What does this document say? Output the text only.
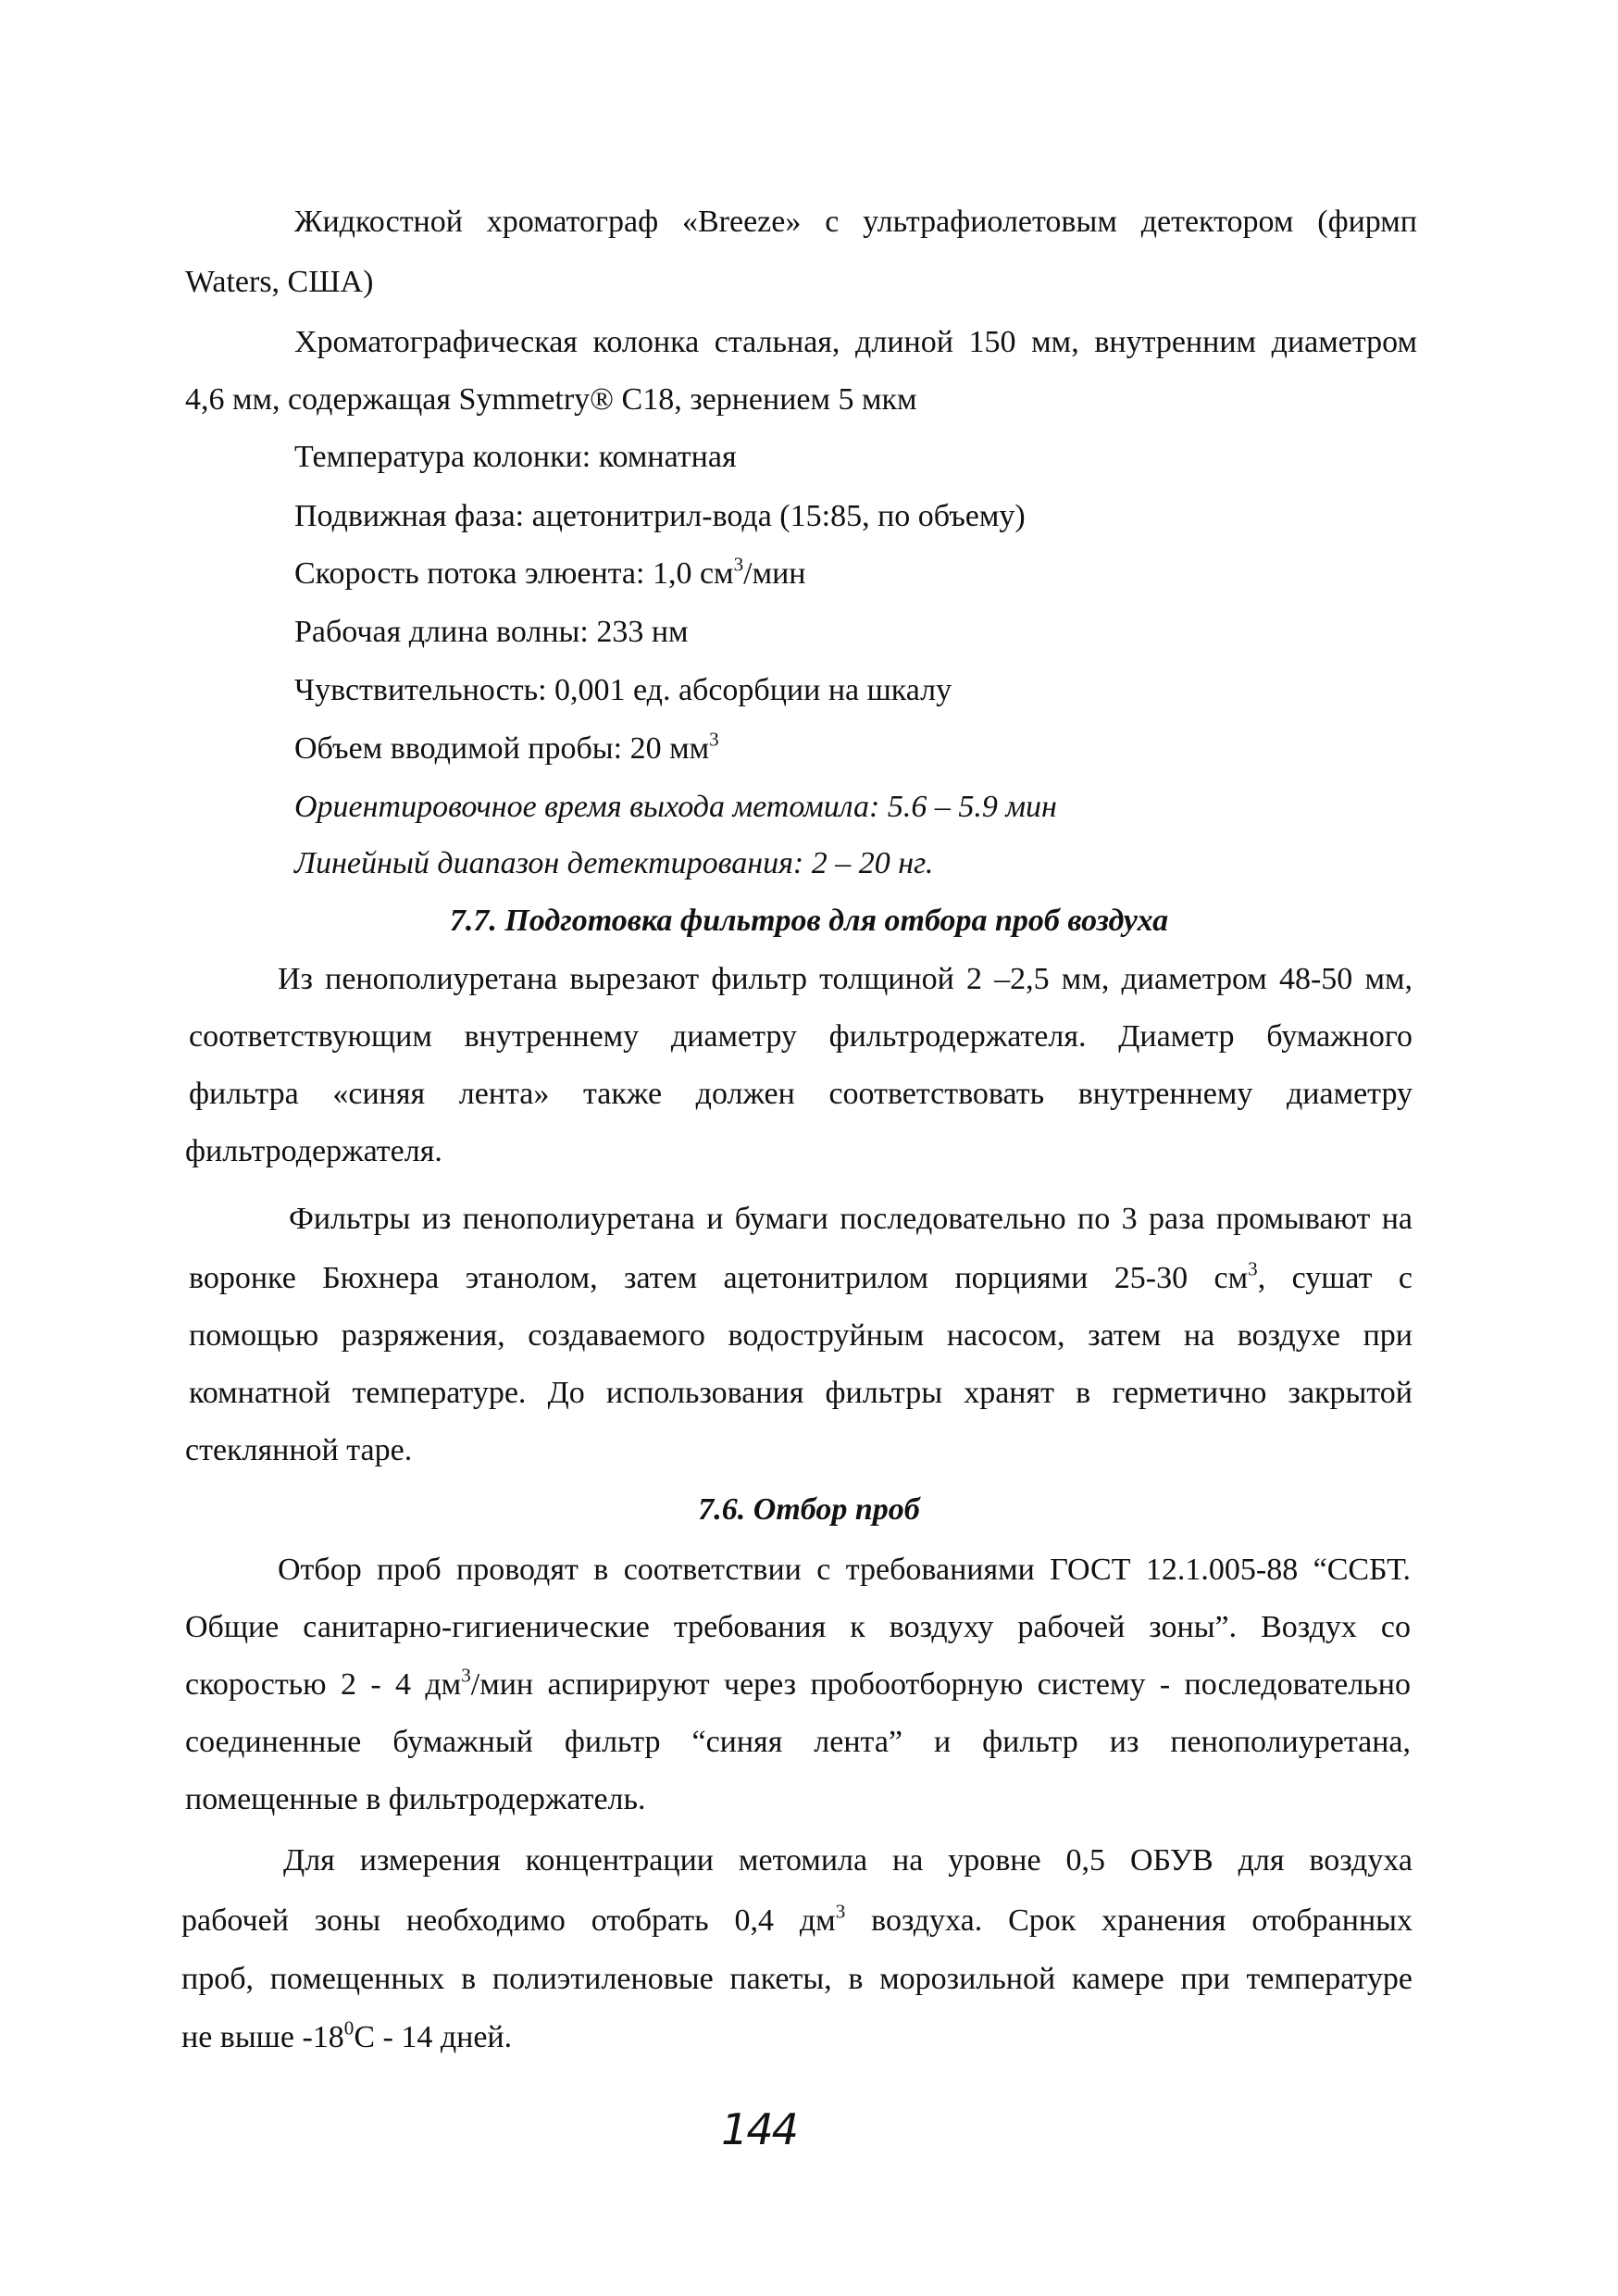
Жидкостной хроматограф «Breeze» с ультрафиолетовым детектором (фирмп
Waters, США)
Хроматографическая колонка стальная, длиной 150 мм, внутренним диаметром
4,6 мм, содержащая Symmetry® C18, зернением 5 мкм
Температура колонки: комнатная
Подвижная фаза: ацетонитрил-вода (15:85, по объему)
Скорость потока элюента: 1,0 $см^3$/мин
Рабочая длина волны: 233 нм
Чувствительность: 0,001 ед. абсорбции на шкалу
Объем вводимой пробы: 20 $мм^3$
Ориентировочное время выхода метомила: 5.6 – 5.9 мин
Линейный диапазон детектирования: 2 – 20 нг.
7.7. Подготовка фильтров для отбора проб воздуха
Из пенополиуретана вырезают фильтр толщиной 2 –2,5 мм, диаметром 48-50 мм,
соответствующим внутреннему диаметру фильтродержателя. Диаметр бумажного
фильтра «синяя лента» также должен соответствовать внутреннему диаметру
фильтродержателя.
Фильтры из пенополиуретана и бумаги последовательно по 3 раза промывают на
воронке Бюхнера этанолом, затем ацетонитрилом порциями 25-30 $см^3$, сушат с
помощью разряжения, создаваемого водоструйным насосом, затем на воздухе при
комнатной температуре. До использования фильтры хранят в герметично закрытой
стеклянной таре.
7.6. Отбор проб
Отбор проб проводят в соответствии с требованиями ГОСТ 12.1.005-88 “ССБТ.
Общие санитарно-гигиенические требования к воздуху рабочей зоны”. Воздух со
скоростью 2 - 4 $дм^3$/мин аспирируют через пробоотборную систему - последовательно
соединенные бумажный фильтр “синяя лента” и фильтр из пенополиуретана,
помещенные в фильтродержатель.
Для измерения концентрации метомила на уровне 0,5 ОБУВ для воздуха
рабочей зоны необходимо отобрать 0,4 $дм^3$ воздуха. Срок хранения отобранных
проб, помещенных в полиэтиленовые пакеты, в морозильной камере при температуре
не выше $-18^0С - 14$ дней.
144
